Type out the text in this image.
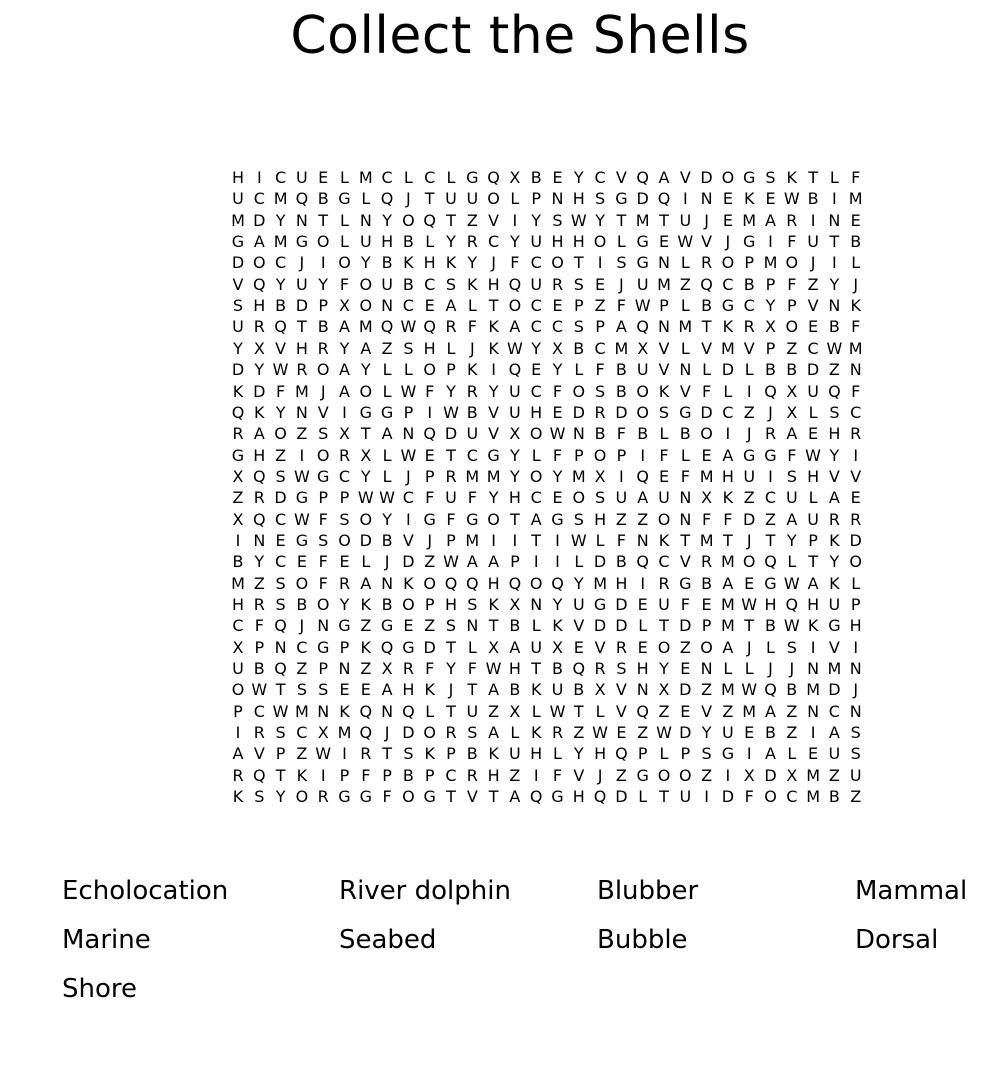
Collect the Shells
H I C U E L M C L C L G Q X B E Y C V Q A V D O G S K T L F
U C M Q B G L Q J T U U O L P N H S G D Q I N E K E W B I M
M D Y N T L N Y O Q T Z V I Y S W Y T M T U J E M A R I N E
G A M G O L U H B L Y R C Y U H H O L G E W V J G I F U T B
D O C J	I O Y B K H K Y J F C O T I S G N L R O P M O J	I L
V Q Y U Y F O U B C S K H Q U R S E J U M Z Q C B P F Z Y J
S H B D P X O N C E A L T O C E P Z F W P L B G C Y P V N K
U R Q T B A M Q W Q R F K A C C S P A Q N M T K R X O E B F
Y X V H R Y A Z S H L J K W Y X B C M X V L V M V P Z C W M
D Y W R O A Y L L O P K I Q E Y L F B U V N L D L B B D Z N
K D F M J A O L W F Y R Y U C F O S B O K V F L I Q X U Q F
Q K Y N V I G G P I W B V U H E D R D O S G D C Z J X L S C
R A O Z S X T A N Q D U V X O W N B F B L B O I	J R A E H R
G H Z I O R X L W E T C G Y L F P O P I F L E A G G F W Y I
X Q S W G C Y L J P R M M Y O Y M X I Q E F M H U I S H V V
Z R D G P P W W C F U F Y H C E O S U A U N X K Z C U L A E
X Q C W F S O Y I G F G O T A G S H Z Z O N F F D Z A U R R
I N E G S O D B V J P M I	I T I W L F N K T M T J T Y P K D
B Y C E F E L J D Z W A A P I	I L D B Q C V R M O Q L T Y O
M Z S O F R A N K O Q Q H Q O Q Y M H I R G B A E G W A K L
H R S B O Y K B O P H S K X N Y U G D E U F E M W H Q H U P
C F Q J N G Z G E Z S N T B L K V D D L T D P M T B W K G H
X P N C G P K Q G D T L X A U X E V R E O Z O A J L S I V I
U B Q Z P N Z X R F Y F W H T B Q R S H Y E N L L J	J N M N
O W T S S E E A H K J T A B K U B X V N X D Z M W Q B M D J
P C W M N K Q N Q L T U Z X L W T L V Q Z E V Z M A Z N C N
I R S C X M Q J D O R S A L K R Z W E Z W D Y U E B Z I A S
A V P Z W I R T S K P B K U H L Y H Q P L P S G I A L E U S
R Q T K I P F P B P C R H Z I F V J Z G O O Z I X D X M Z U
K S Y O R G G F O G T V T A Q G H Q D L T U I D F O C M B Z
Echolocation	River dolphin	Blubber	Mammal
Marine	Seabed	Bubble	Dorsal
Shore
